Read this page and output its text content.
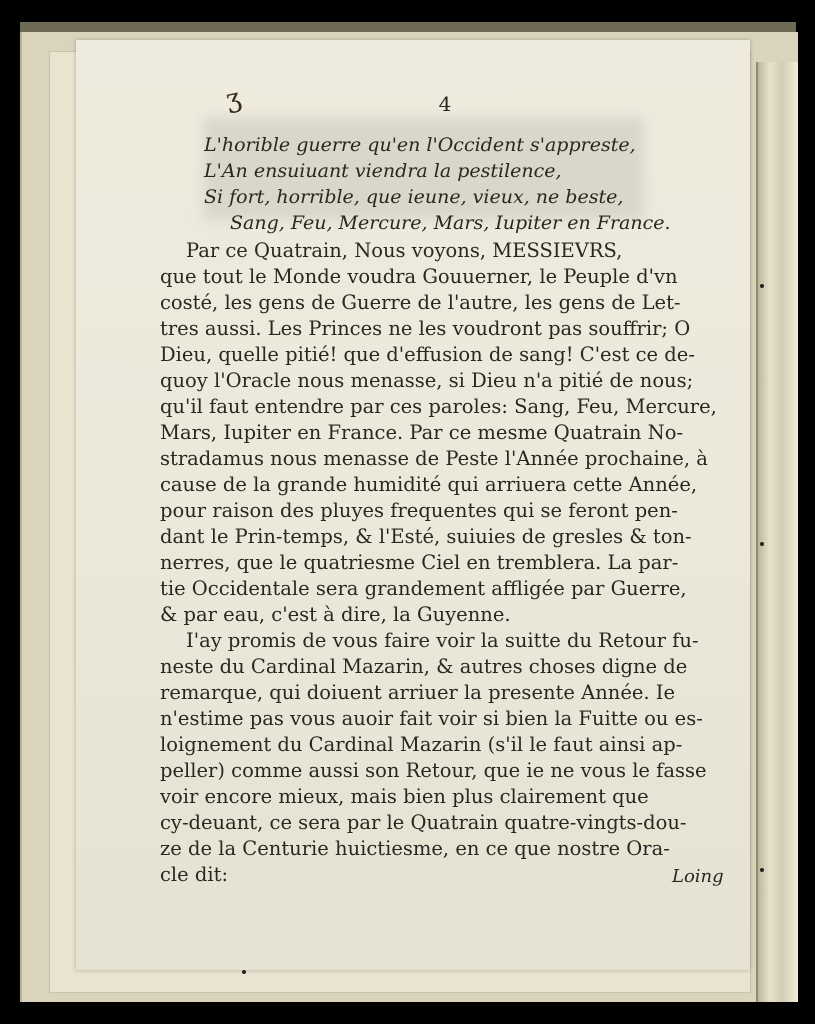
ʒ	4
L'horible guerre qu'en l'Occident s'appreste,
L'An ensuiuant viendra la pestilence,
Si fort, horrible, que ieune, vieux, ne beste,
Sang, Feu, Mercure, Mars, Iupiter en France.
Par ce Quatrain, Nous voyons, MESSIEVRS,
que tout le Monde voudra Gouuerner, le Peuple d'vn
costé, les gens de Guerre de l'autre, les gens de Let-
tres aussi. Les Princes ne les voudront pas souffrir; O
Dieu, quelle pitié! que d'effusion de sang! C'est ce de-
quoy l'Oracle nous menasse, si Dieu n'a pitié de nous;
qu'il faut entendre par ces paroles: Sang, Feu, Mercure,
Mars, Iupiter en France. Par ce mesme Quatrain No-
stradamus nous menasse de Peste l'Année prochaine, à
cause de la grande humidité qui arriuera cette Année,
pour raison des pluyes frequentes qui se feront pen-
dant le Prin-temps, & l'Esté, suiuies de gresles & ton-
nerres, que le quatriesme Ciel en tremblera. La par-
tie Occidentale sera grandement affligée par Guerre,
& par eau, c'est à dire, la Guyenne.
I'ay promis de vous faire voir la suitte du Retour fu-
neste du Cardinal Mazarin, & autres choses digne de
remarque, qui doiuent arriuer la presente Année. Ie
n'estime pas vous auoir fait voir si bien la Fuitte ou es-
loignement du Cardinal Mazarin (s'il le faut ainsi ap-
peller) comme aussi son Retour, que ie ne vous le fasse
voir encore mieux, mais bien plus clairement que
cy-deuant, ce sera par le Quatrain quatre-vingts-dou-
ze de la Centurie huictiesme, en ce que nostre Ora-
cle dit:	Loing
